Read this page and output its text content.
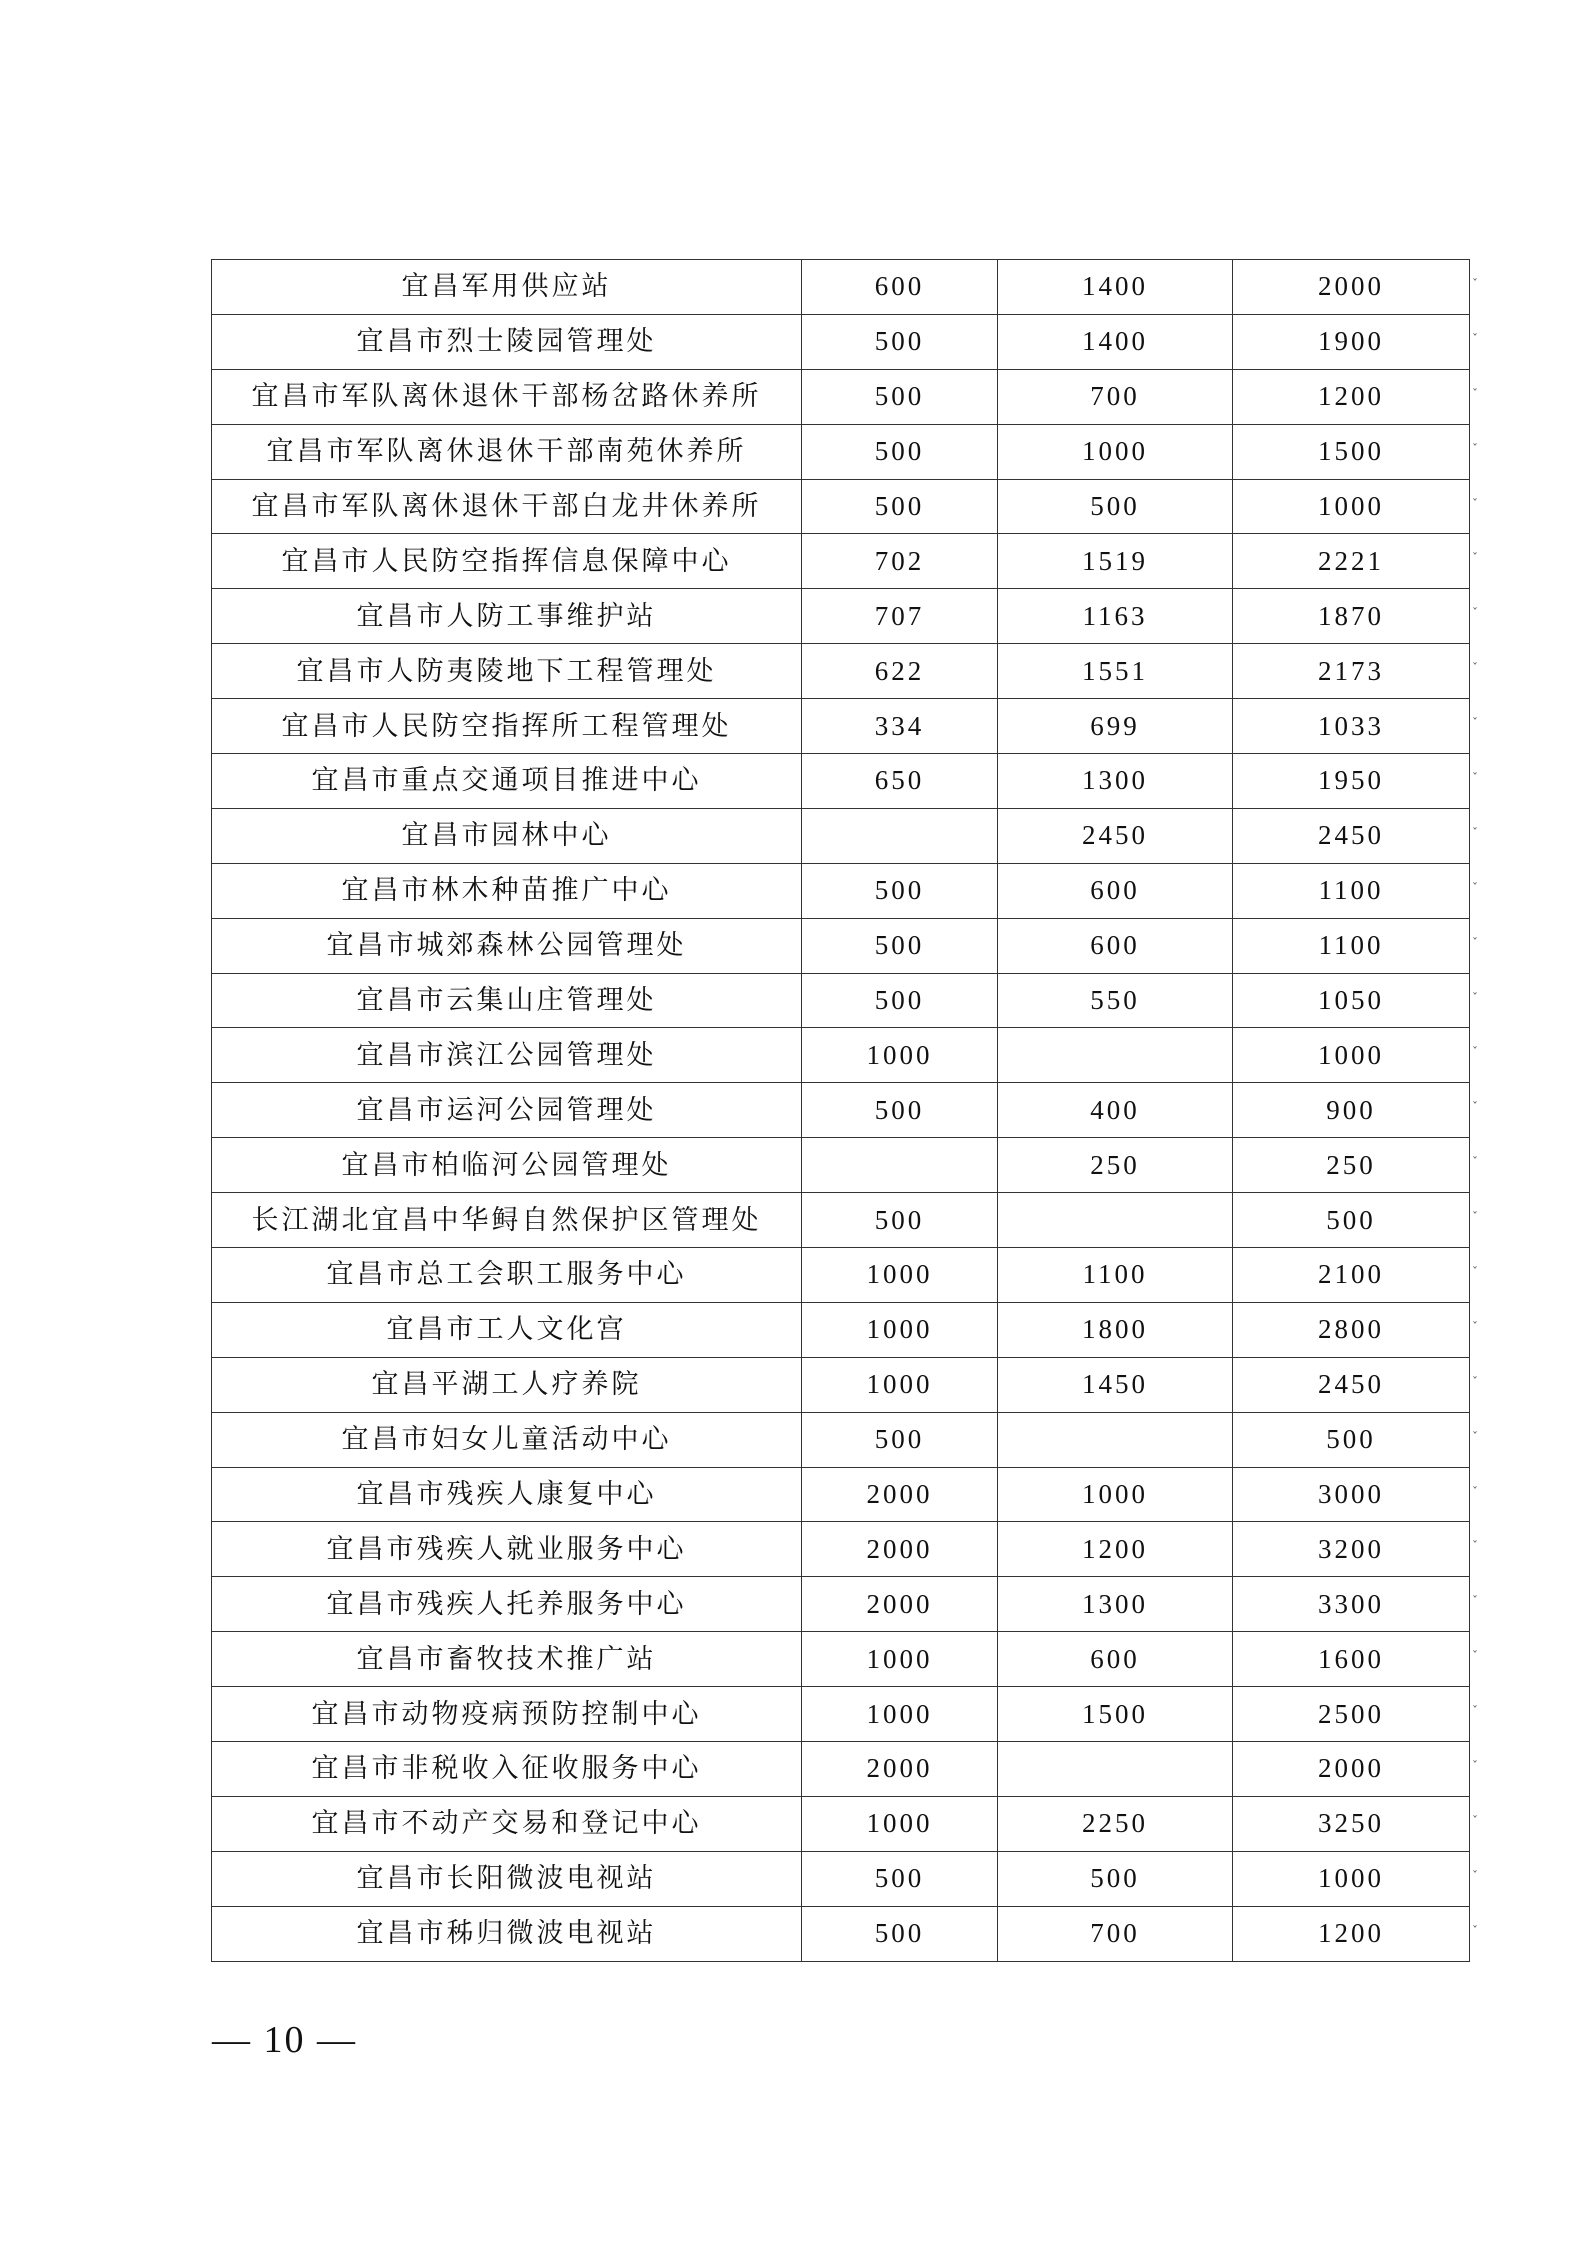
宜昌军用供应站	600	1400	2000
宜昌市烈士陵园管理处	500	1400	1900
宜昌市军队离休退休干部杨岔路休养所	500	700	1200
宜昌市军队离休退休干部南苑休养所	500	1000	1500
宜昌市军队离休退休干部白龙井休养所	500	500	1000
宜昌市人民防空指挥信息保障中心	702	1519	2221
宜昌市人防工事维护站	707	1163	1870
宜昌市人防夷陵地下工程管理处	622	1551	2173
宜昌市人民防空指挥所工程管理处	334	699	1033
宜昌市重点交通项目推进中心	650	1300	1950
宜昌市园林中心		2450	2450
宜昌市林木种苗推广中心	500	600	1100
宜昌市城郊森林公园管理处	500	600	1100
宜昌市云集山庄管理处	500	550	1050
宜昌市滨江公园管理处	1000		1000
宜昌市运河公园管理处	500	400	900
宜昌市柏临河公园管理处		250	250
长江湖北宜昌中华鲟自然保护区管理处	500		500
宜昌市总工会职工服务中心	1000	1100	2100
宜昌市工人文化宫	1000	1800	2800
宜昌平湖工人疗养院	1000	1450	2450
宜昌市妇女儿童活动中心	500		500
宜昌市残疾人康复中心	2000	1000	3000
宜昌市残疾人就业服务中心	2000	1200	3200
宜昌市残疾人托养服务中心	2000	1300	3300
宜昌市畜牧技术推广站	1000	600	1600
宜昌市动物疫病预防控制中心	1000	1500	2500
宜昌市非税收入征收服务中心	2000		2000
宜昌市不动产交易和登记中心	1000	2250	3250
宜昌市长阳微波电视站	500	500	1000
宜昌市秭归微波电视站	500	700	1200
ˇ
ˇ
ˇ
ˇ
ˇ
ˇ
ˇ
ˇ
ˇ
ˇ
ˇ
ˇ
ˇ
ˇ
ˇ
ˇ
ˇ
ˇ
ˇ
ˇ
ˇ
ˇ
ˇ
ˇ
ˇ
ˇ
ˇ
ˇ
ˇ
ˇ
ˇ
— 10 —
